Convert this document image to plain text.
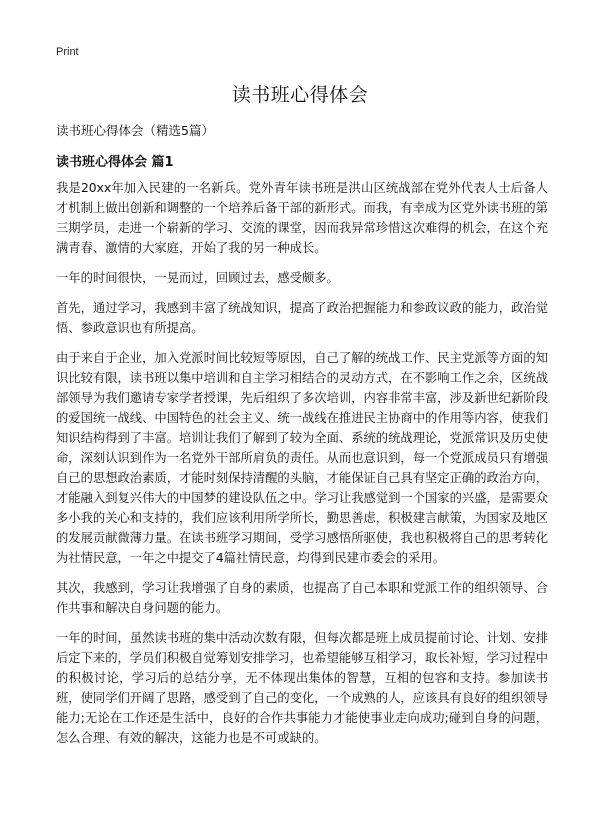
Print
读书班心得体会
读书班心得体会（精选5篇）
读书班心得体会 篇1

我是20xx年加入民建的一名新兵。党外青年读书班是洪山区统战部在党外代表人士后备人才机制上做出创新和调整的一个培养后备干部的新形式。而我，有幸成为区党外读书班的第三期学员，走进一个崭新的学习、交流的课堂，因而我异常珍惜这次难得的机会，在这个充满青春、激情的大家庭，开始了我的另一种成长。

一年的时间很快，一晃而过，回顾过去，感受颇多。

首先，通过学习，我感到丰富了统战知识，提高了政治把握能力和参政议政的能力，政治觉悟、参政意识也有所提高。

由于来自于企业，加入党派时间比较短等原因，自己了解的统战工作、民主党派等方面的知识比较有限，读书班以集中培训和自主学习相结合的灵动方式，在不影响工作之余，区统战部领导为我们邀请专家学者授课，先后组织了多次培训，内容非常丰富，涉及新世纪新阶段的爱国统一战线、中国特色的社会主义、统一战线在推进民主协商中的作用等内容，使我们知识结构得到了丰富。培训让我们了解到了较为全面、系统的统战理论，党派常识及历史使命，深刻认识到作为一名党外干部所肩负的责任。从而也意识到，每一个党派成员只有增强自己的思想政治素质，才能时刻保持清醒的头脑，才能保证自己具有坚定正确的政治方向，才能融入到复兴伟大的中国梦的建设队伍之中。学习让我感觉到一个国家的兴盛，是需要众多小我的关心和支持的，我们应该利用所学所长，勤思善虑，积极建言献策，为国家及地区的发展贡献微薄力量。在读书班学习期间，受学习感悟所驱使，我也积极将自己的思考转化为社情民意，一年之中提交了4篇社情民意，均得到民建市委会的采用。

其次，我感到，学习让我增强了自身的素质，也提高了自己本职和党派工作的组织领导、合作共事和解决自身问题的能力。

一年的时间，虽然读书班的集中活动次数有限，但每次都是班上成员提前讨论、计划、安排后定下来的，学员们积极自觉筹划安排学习，也希望能够互相学习，取长补短，学习过程中的积极讨论，学习后的总结分享，无不体现出集体的智慧，互相的包容和支持。参加读书班，使同学们开阔了思路，感受到了自己的变化，一个成熟的人，应该具有良好的组织领导能力;无论在工作还是生活中，良好的合作共事能力才能使事业走向成功;碰到自身的问题，怎么合理、有效的解决，这能力也是不可或缺的。
